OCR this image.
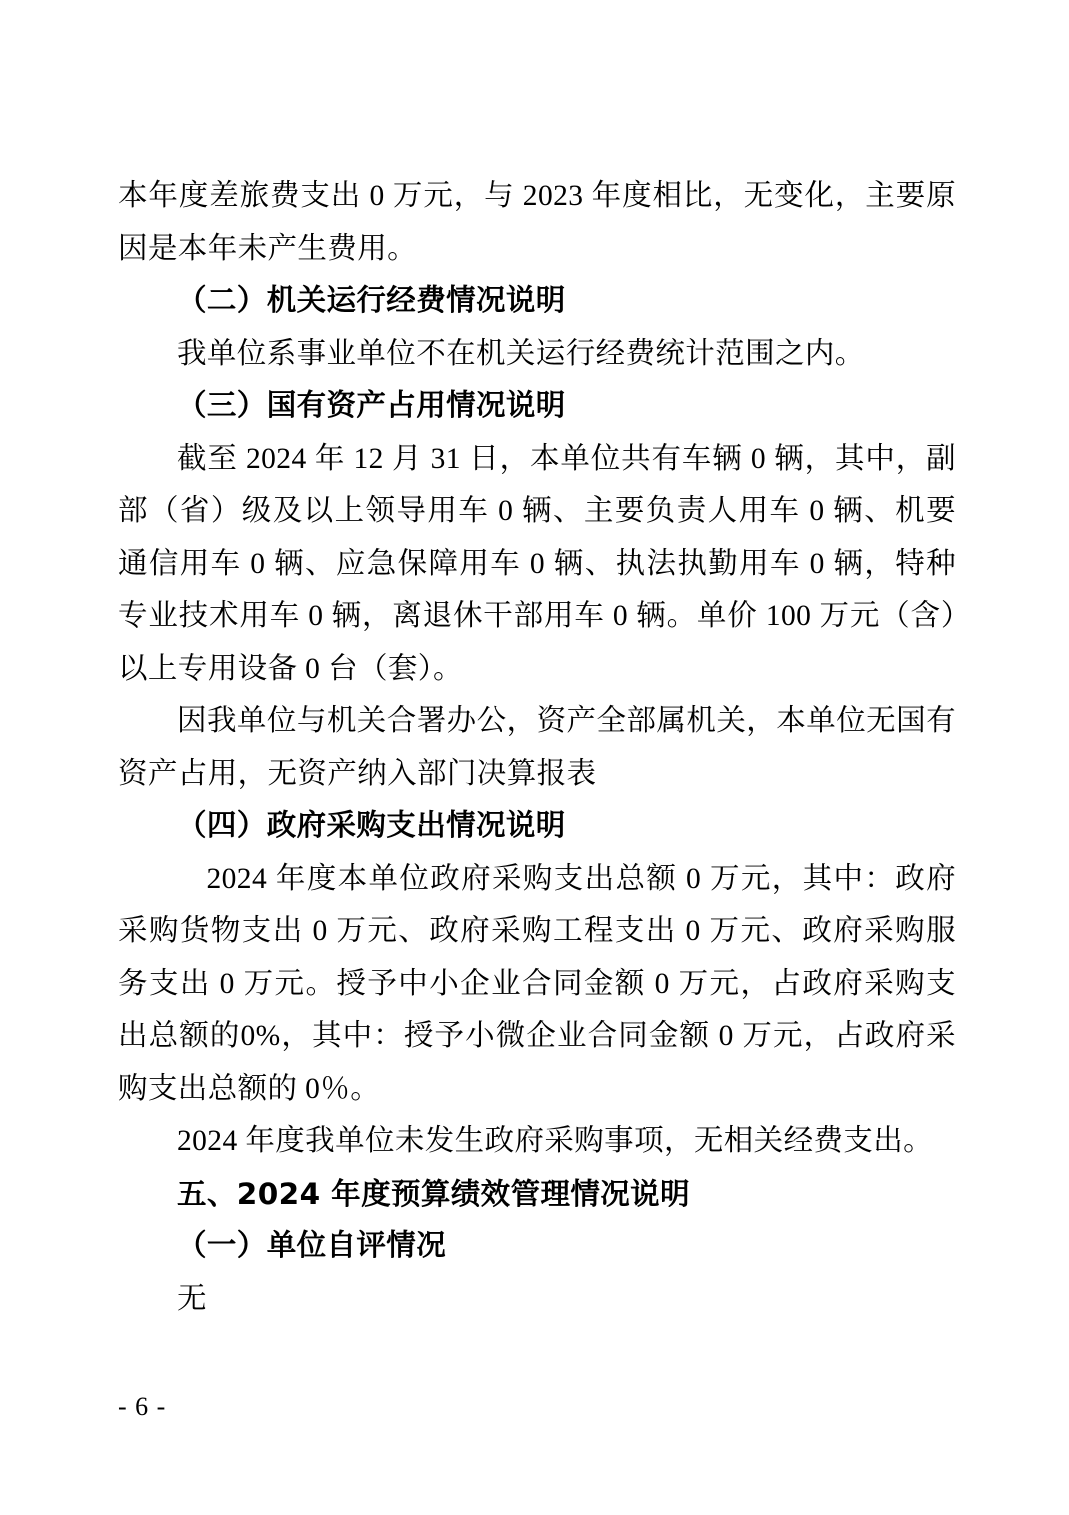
本年度差旅费支出 0 万元，与 2023 年度相比，无变化，主要原因是本年未产生费用。

（二）机关运行经费情况说明

我单位系事业单位不在机关运行经费统计范围之内。

（三）国有资产占用情况说明

截至 2024 年 12 月 31 日，本单位共有车辆 0 辆，其中，副部（省）级及以上领导用车 0 辆、主要负责人用车 0 辆、机要通信用车 0 辆、应急保障用车 0 辆、执法执勤用车 0 辆，特种专业技术用车 0 辆，离退休干部用车 0 辆。单价 100 万元（含）以上专用设备 0 台（套）。

因我单位与机关合署办公，资产全部属机关，本单位无国有资产占用，无资产纳入部门决算报表

（四）政府采购支出情况说明

2024 年度本单位政府采购支出总额 0 万元，其中：政府采购货物支出 0 万元、政府采购工程支出 0 万元、政府采购服务支出 0 万元。授予中小企业合同金额 0 万元，占政府采购支出总额的0%，其中：授予小微企业合同金额 0 万元，占政府采购支出总额的 0％。

2024 年度我单位未发生政府采购事项，无相关经费支出。

五、2024 年度预算绩效管理情况说明

（一）单位自评情况

无

- 6 -
